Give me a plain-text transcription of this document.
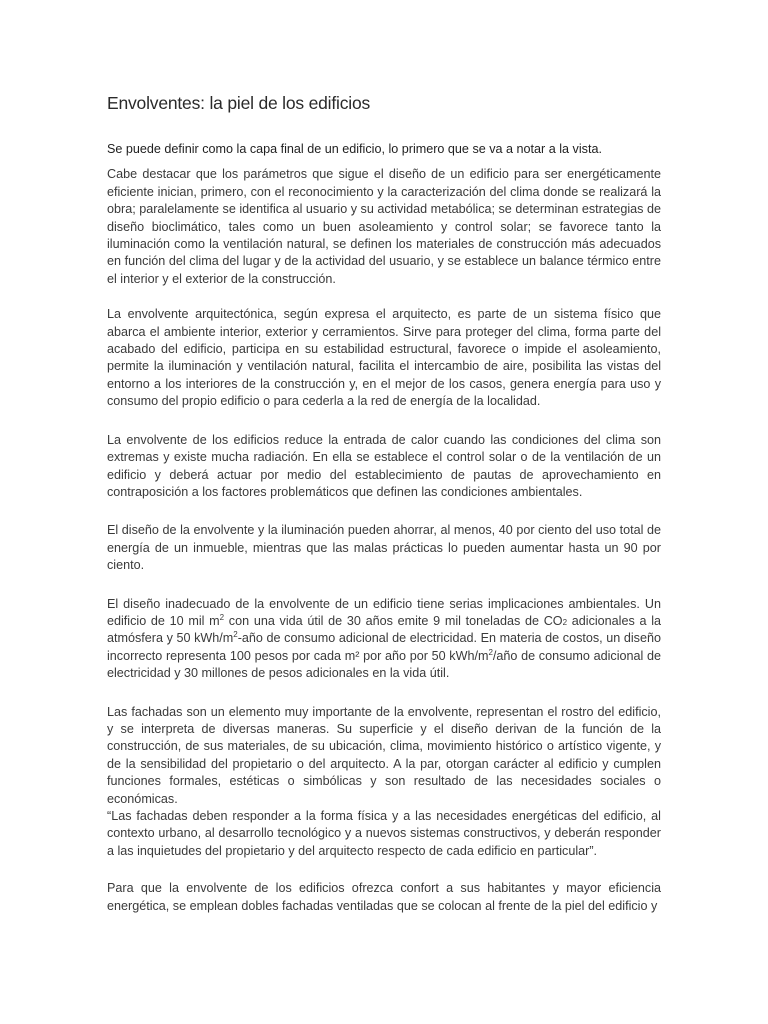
Envolventes: la piel de los edificios

Se puede definir como la capa final de un edificio, lo primero que se va a notar a la vista.

Cabe destacar que los parámetros que sigue el diseño de un edificio para ser energéticamente eficiente inician, primero, con el reconocimiento y la caracterización del clima donde se realizará la obra; paralelamente se identifica al usuario y su actividad metabólica; se determinan estrategias de diseño bioclimático, tales como un buen asoleamiento y control solar; se favorece tanto la iluminación como la ventilación natural, se definen los materiales de construcción más adecuados en función del clima del lugar y de la actividad del usuario, y se establece un balance térmico entre el interior y el exterior de la construcción.

La envolvente arquitectónica, según expresa el arquitecto, es parte de un sistema físico que abarca el ambiente interior, exterior y cerramientos. Sirve para proteger del clima, forma parte del acabado del edificio, participa en su estabilidad estructural, favorece o impide el asoleamiento, permite la iluminación y ventilación natural, facilita el intercambio de aire, posibilita las vistas del entorno a los interiores de la construcción y, en el mejor de los casos, genera energía para uso y consumo del propio edificio o para cederla a la red de energía de la localidad.

La envolvente de los edificios reduce la entrada de calor cuando las condiciones del clima son extremas y existe mucha radiación. En ella se establece el control solar o de la ventilación de un edificio y deberá actuar por medio del establecimiento de pautas de aprovechamiento en contraposición a los factores problemáticos que definen las condiciones ambientales.

El diseño de la envolvente y la iluminación pueden ahorrar, al menos, 40 por ciento del uso total de energía de un inmueble, mientras que las malas prácticas lo pueden aumentar hasta un 90 por ciento.

El diseño inadecuado de la envolvente de un edificio tiene serias implicaciones ambientales. Un edificio de 10 mil $m^2$ con una vida útil de 30 años emite 9 mil toneladas de CO2 adicionales a la atmósfera y 50 kWh/$m^2$-año de consumo adicional de electricidad. En materia de costos, un diseño incorrecto representa 100 pesos por cada m² por año por 50 kWh/$m^2$/año de consumo adicional de electricidad y 30 millones de pesos adicionales en la vida útil.

Las fachadas son un elemento muy importante de la envolvente, representan el rostro del edificio, y se interpreta de diversas maneras. Su superficie y el diseño derivan de la función de la construcción, de sus materiales, de su ubicación, clima, movimiento histórico o artístico vigente, y de la sensibilidad del propietario o del arquitecto. A la par, otorgan carácter al edificio y cumplen funciones formales, estéticas o simbólicas y son resultado de las necesidades sociales o económicas.

“Las fachadas deben responder a la forma física y a las necesidades energéticas del edificio, al contexto urbano, al desarrollo tecnológico y a nuevos sistemas constructivos, y deberán responder a las inquietudes del propietario y del arquitecto respecto de cada edificio en particular”.

Para que la envolvente de los edificios ofrezca confort a sus habitantes y mayor eficiencia energética, se emplean dobles fachadas ventiladas que se colocan al frente de la piel del edificio y
